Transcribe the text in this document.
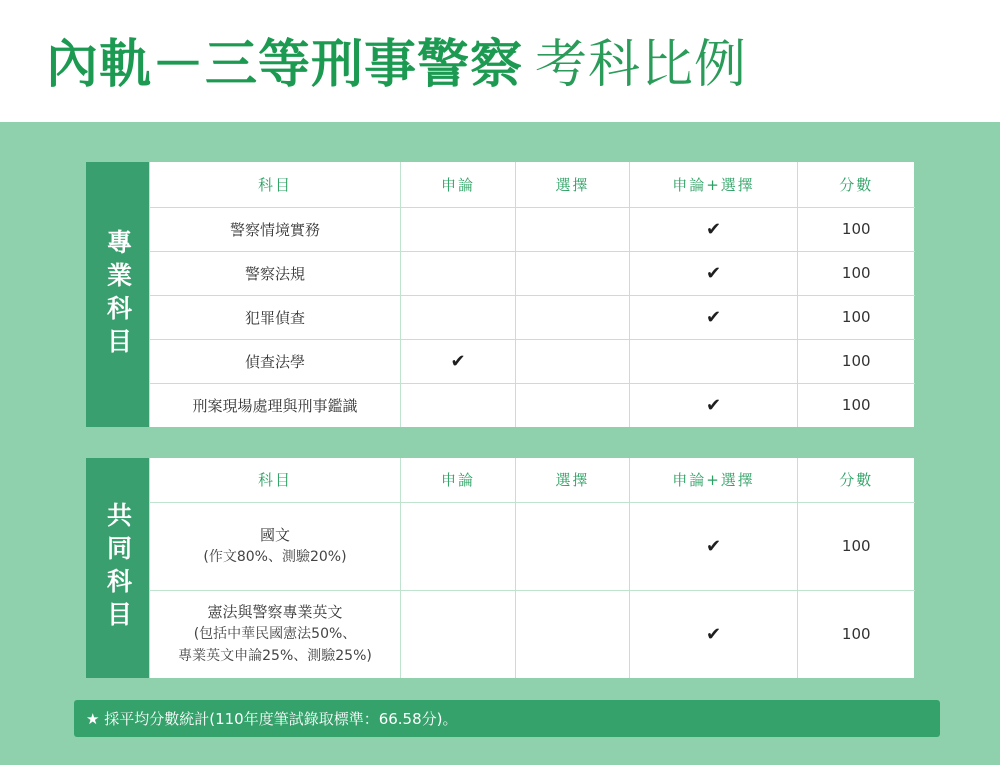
內軌－三等刑事警察 考科比例
專業科目
科目	申論	選擇	申論+選擇	分數
警察情境實務			✔	100
警察法規			✔	100
犯罪偵查			✔	100
偵查法學	✔			100
刑案現場處理與刑事鑑識			✔	100
共同科目
科目	申論	選擇	申論+選擇	分數

國文
(作文80%、測驗20%)			✔	100

憲法與警察專業英文
(包括中華民國憲法50%、
專業英文申論25%、測驗25%)			✔	100
★ 採平均分數統計(110年度筆試錄取標準：66.58分)。
